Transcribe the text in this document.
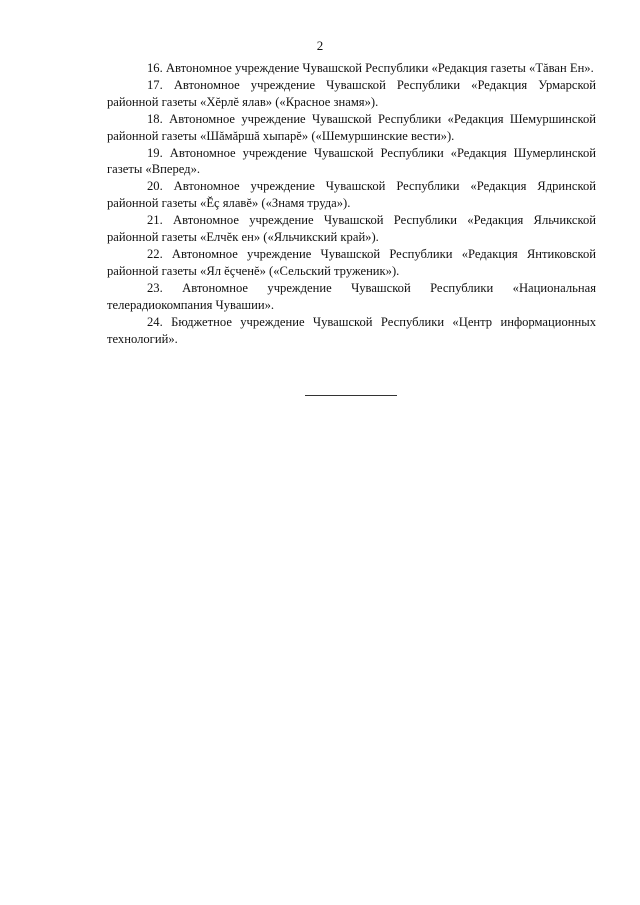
2

16. Автономное учреждение Чувашской Республики «Редакция газеты «Тăван Ен».

17. Автономное учреждение Чувашской Республики «Редакция Урмарской районной газеты «Хĕрлĕ ялав» («Красное знамя»).

18. Автономное учреждение Чувашской Республики «Редакция Шемуршинской районной газеты «Шăмăршă хыпарĕ» («Шемуршинские вести»).

19. Автономное учреждение Чувашской Республики «Редакция Шумерлинской газеты «Вперед».

20. Автономное учреждение Чувашской Республики «Редакция Ядринской районной газеты «Ĕç ялавĕ» («Знамя труда»).

21. Автономное учреждение Чувашской Республики «Редакция Яльчикской районной газеты «Елчĕк ен» («Яльчикский край»).

22. Автономное учреждение Чувашской Республики «Редакция Янтиковской районной газеты «Ял ĕçченĕ» («Сельский труженик»).

23. Автономное учреждение Чувашской Республики «Национальная телерадиокомпания Чувашии».

24. Бюджетное учреждение Чувашской Республики «Центр информационных технологий».
